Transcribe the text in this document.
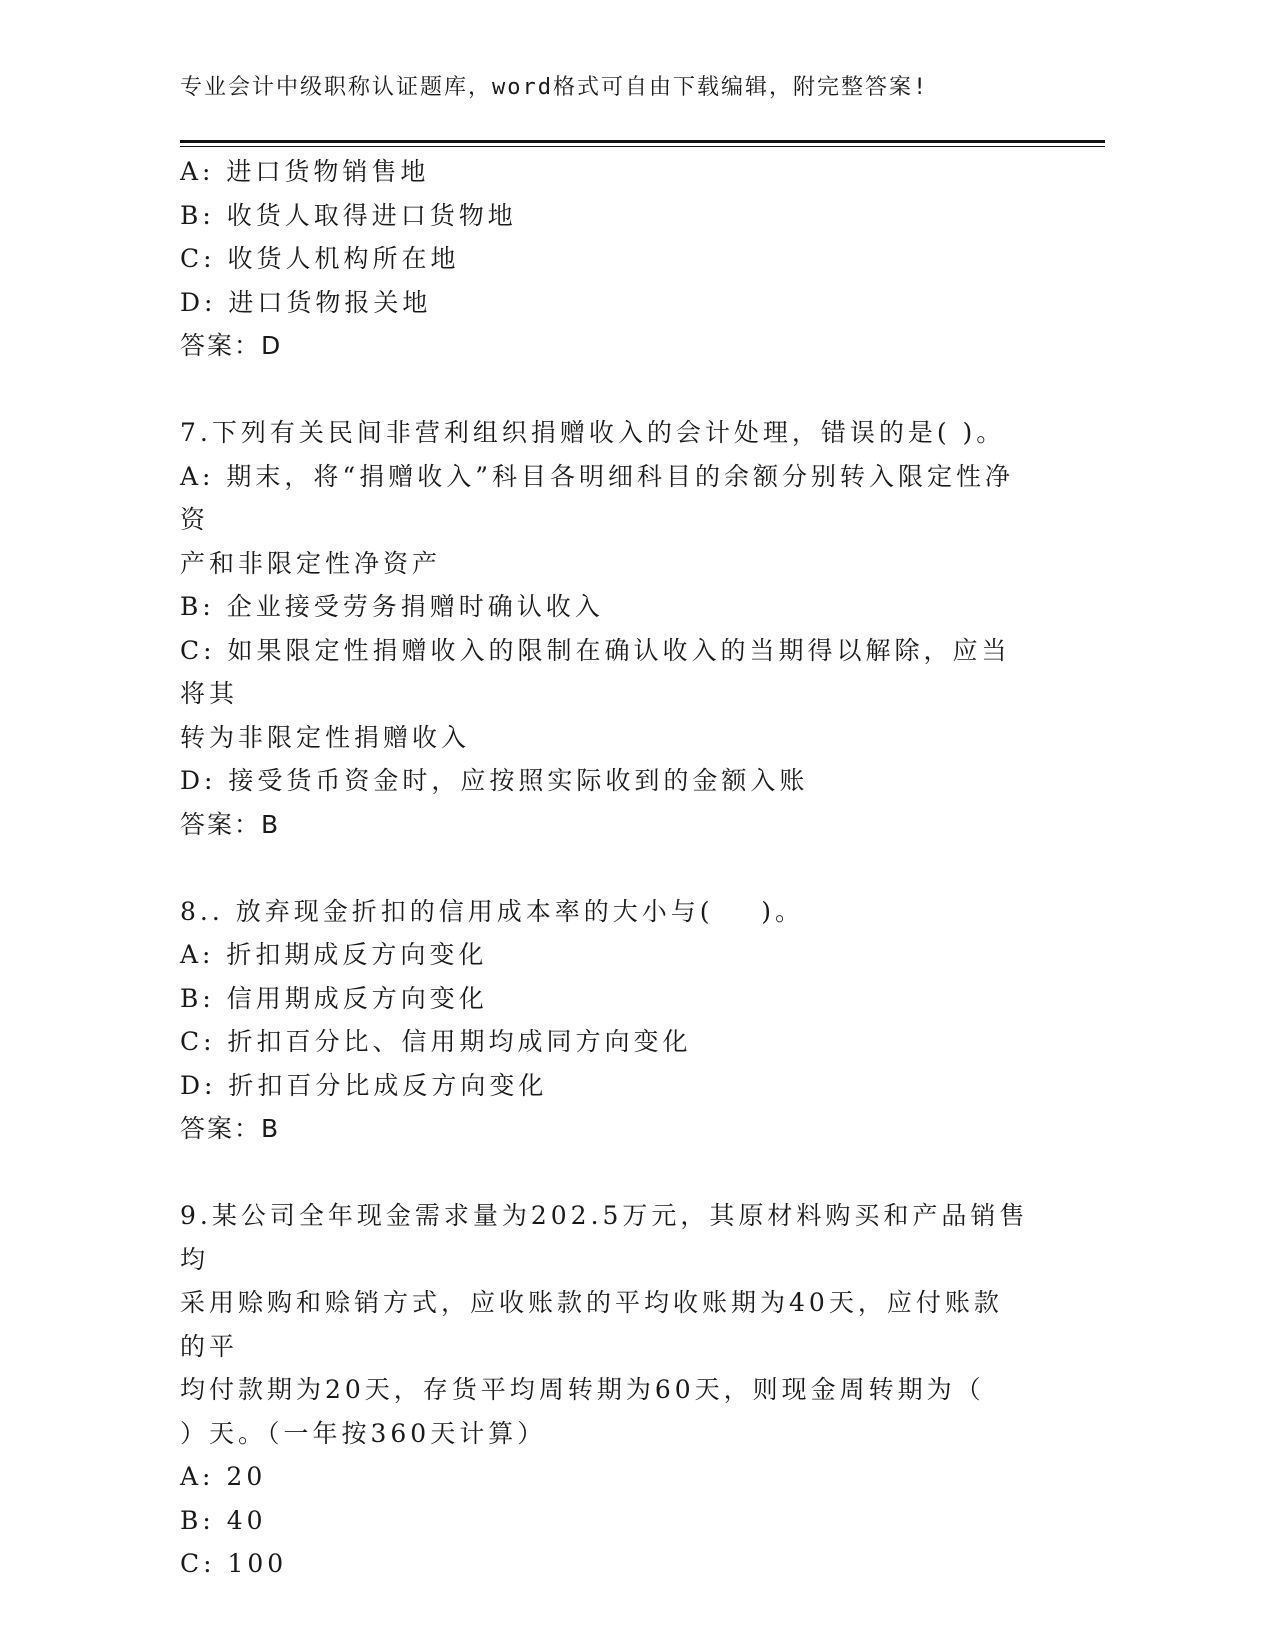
专业会计中级职称认证题库，word格式可自由下载编辑，附完整答案!
A: 进口货物销售地
B: 收货人取得进口货物地
C: 收货人机构所在地
D: 进口货物报关地
答案：D
7.下列有关民间非营利组织捐赠收入的会计处理，错误的是( )。
A: 期末，将“捐赠收入”科目各明细科目的余额分别转入限定性净资
产和非限定性净资产
B: 企业接受劳务捐赠时确认收入
C: 如果限定性捐赠收入的限制在确认收入的当期得以解除，应当将其
转为非限定性捐赠收入
D: 接受货币资金时，应按照实际收到的金额入账
答案：B
8.. 放弃现金折扣的信用成本率的大小与(    )。
A: 折扣期成反方向变化
B: 信用期成反方向变化
C: 折扣百分比、信用期均成同方向变化
D: 折扣百分比成反方向变化
答案：B
9.某公司全年现金需求量为202.5万元，其原材料购买和产品销售均
采用赊购和赊销方式，应收账款的平均收账期为40天，应付账款的平
均付款期为20天，存货平均周转期为60天，则现金周转期为（
）天。（一年按360天计算）
A: 20
B: 40
C: 100
